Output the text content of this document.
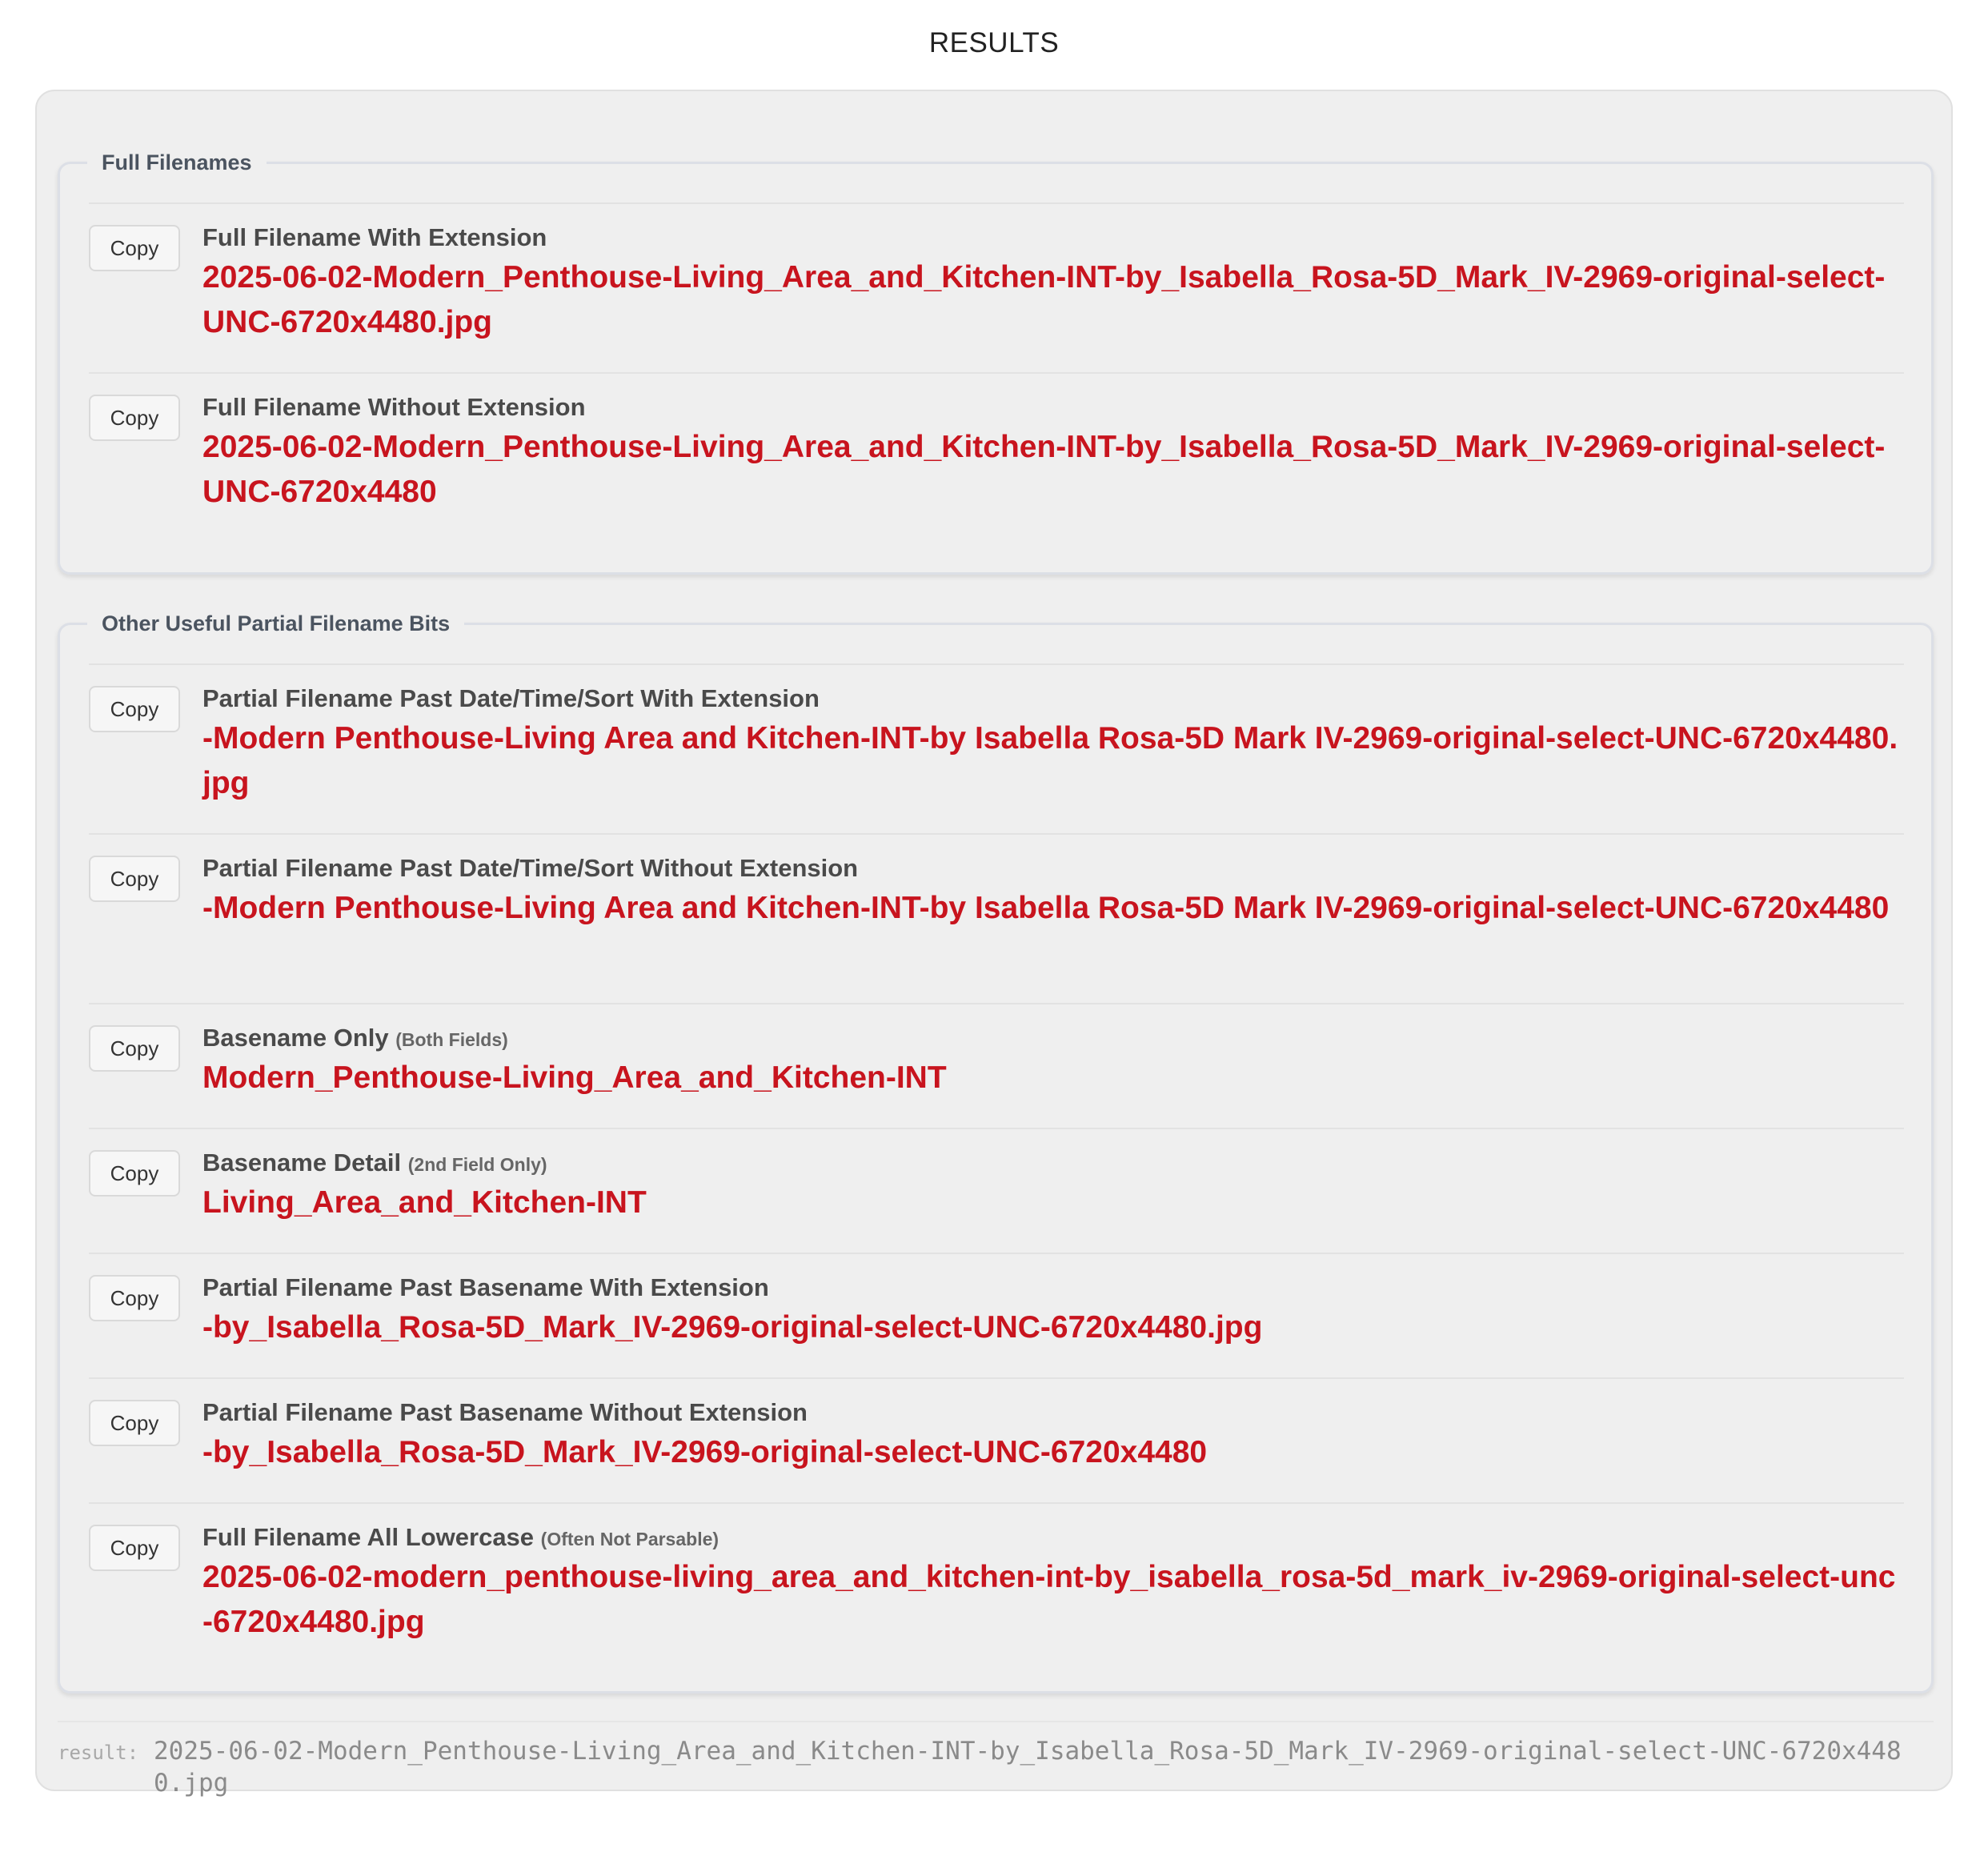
RESULTS
Full Filenames
Copy	Full Filename With Extension
2025-06-02-Modern_Penthouse-Living_Area_and_Kitchen-INT-by_Isabella_Rosa-5D_Mark_IV-2969-original-select-UNC-6720x4480.jpg
Copy	Full Filename Without Extension
2025-06-02-Modern_Penthouse-Living_Area_and_Kitchen-INT-by_Isabella_Rosa-5D_Mark_IV-2969-original-select-UNC-6720x4480
Other Useful Partial Filename Bits
Copy	Partial Filename Past Date/Time/Sort With Extension
-Modern Penthouse-Living Area and Kitchen-INT-by Isabella Rosa-5D Mark IV-2969-original-select-UNC-6720x4480.jpg
Copy	Partial Filename Past Date/Time/Sort Without Extension
-Modern Penthouse-Living Area and Kitchen-INT-by Isabella Rosa-5D Mark IV-2969-original-select-UNC-6720x4480
Copy	Basename Only (Both Fields)
Modern_Penthouse-Living_Area_and_Kitchen-INT
Copy	Basename Detail (2nd Field Only)
Living_Area_and_Kitchen-INT
Copy	Partial Filename Past Basename With Extension
-by_Isabella_Rosa-5D_Mark_IV-2969-original-select-UNC-6720x4480.jpg
Copy	Partial Filename Past Basename Without Extension
-by_Isabella_Rosa-5D_Mark_IV-2969-original-select-UNC-6720x4480
Copy	Full Filename All Lowercase (Often Not Parsable)
2025-06-02-modern_penthouse-living_area_and_kitchen-int-by_isabella_rosa-5d_mark_iv-2969-original-select-unc-6720x4480.jpg
result: 2025-06-02-Modern_Penthouse-Living_Area_and_Kitchen-INT-by_Isabella_Rosa-5D_Mark_IV-2969-original-select-UNC-6720x4480.jpg
